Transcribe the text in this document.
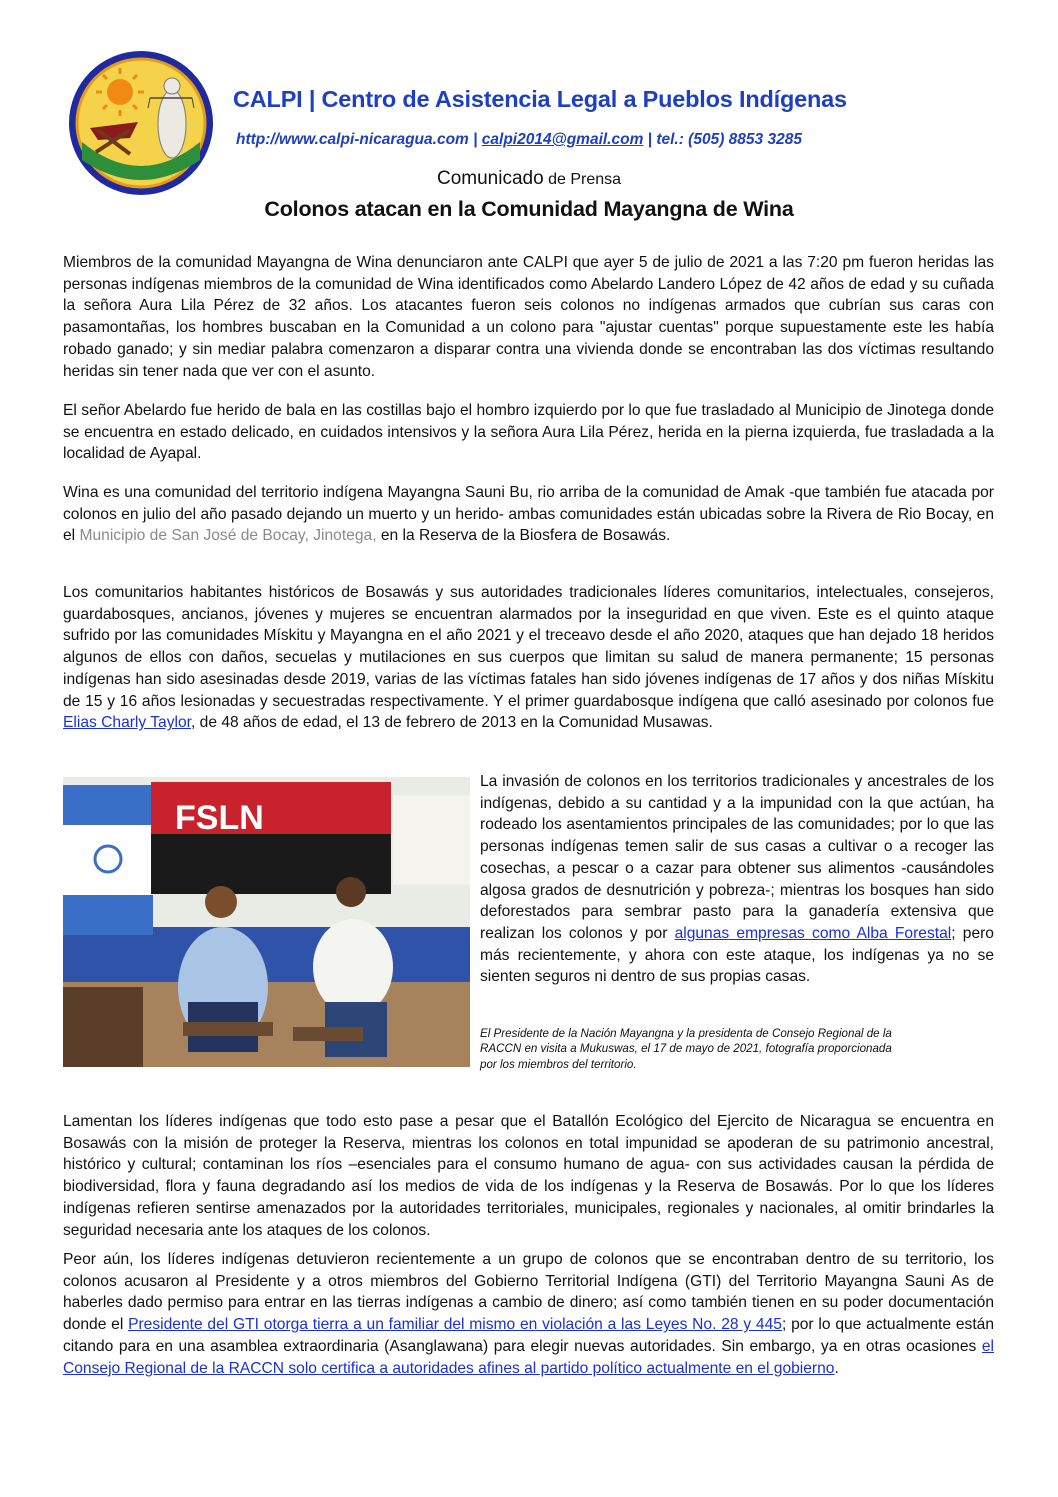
CALPI | Centro de Asistencia Legal a Pueblos Indígenas
http://www.calpi-nicaragua.com | calpi2014@gmail.com | tel.: (505) 8853 3285
Comunicado de Prensa
Colonos atacan en la Comunidad Mayangna de Wina

Miembros de la comunidad Mayangna de Wina denunciaron ante CALPI que ayer 5 de julio de 2021 a las 7:20 pm fueron heridas las personas indígenas miembros de la comunidad de Wina identificados como Abelardo Landero López de 42 años de edad y su cuñada la señora Aura Lila Pérez de 32 años. Los atacantes fueron seis colonos no indígenas armados que cubrían sus caras con pasamontañas, los hombres buscaban en la Comunidad a un colono para "ajustar cuentas" porque supuestamente este les había robado ganado; y sin mediar palabra comenzaron a disparar contra una vivienda donde se encontraban las dos víctimas resultando heridas sin tener nada que ver con el asunto.

El señor Abelardo fue herido de bala en las costillas bajo el hombro izquierdo por lo que fue trasladado al Municipio de Jinotega donde se encuentra en estado delicado, en cuidados intensivos y la señora Aura Lila Pérez, herida en la pierna izquierda, fue trasladada a la localidad de Ayapal.

Wina es una comunidad del territorio indígena Mayangna Sauni Bu, rio arriba de la comunidad de Amak -que también fue atacada por colonos en julio del año pasado dejando un muerto y un herido- ambas comunidades están ubicadas sobre la Rivera de Rio Bocay, en el Municipio de San José de Bocay, Jinotega, en la Reserva de la Biosfera de Bosawás.

Los comunitarios habitantes históricos de Bosawás y sus autoridades tradicionales líderes comunitarios, intelectuales, consejeros, guardabosques, ancianos, jóvenes y mujeres se encuentran alarmados por la inseguridad en que viven. Este es el quinto ataque sufrido por las comunidades Mískitu y Mayangna en el año 2021 y el treceavo desde el año 2020, ataques que han dejado 18 heridos algunos de ellos con daños, secuelas y mutilaciones en sus cuerpos que limitan su salud de manera permanente; 15 personas indígenas han sido asesinadas desde 2019, varias de las víctimas fatales han sido jóvenes indígenas de 17 años y dos niñas Mískitu de 15 y 16 años lesionadas y secuestradas respectivamente. Y el primer guardabosque indígena que calló asesinado por colonos fue Elias Charly Taylor, de 48 años de edad, el 13 de febrero de 2013 en la Comunidad Musawas.

FSLN

La invasión de colonos en los territorios tradicionales y ancestrales de los indígenas, debido a su cantidad y a la impunidad con la que actúan, ha rodeado los asentamientos principales de las comunidades; por lo que las personas indígenas temen salir de sus casas a cultivar o a recoger las cosechas, a pescar o a cazar para obtener sus alimentos -causándoles algosa grados de desnutrición y pobreza-; mientras los bosques han sido deforestados para sembrar pasto para la ganadería extensiva que realizan los colonos y por algunas empresas como Alba Forestal; pero más recientemente, y ahora con este ataque, los indígenas ya no se sienten seguros ni dentro de sus propias casas.

El Presidente de la Nación Mayangna y la presidenta de Consejo Regional de la RACCN en visita a Mukuswas, el 17 de mayo de 2021, fotografía proporcionada por los miembros del territorio.

Lamentan los líderes indígenas que todo esto pase a pesar que el Batallón Ecológico del Ejercito de Nicaragua se encuentra en Bosawás con la misión de proteger la Reserva, mientras los colonos en total impunidad se apoderan de su patrimonio ancestral, histórico y cultural; contaminan los ríos –esenciales para el consumo humano de agua- con sus actividades causan la pérdida de biodiversidad, flora y fauna degradando así los medios de vida de los indígenas y la Reserva de Bosawás. Por lo que los líderes indígenas refieren sentirse amenazados por la autoridades territoriales, municipales, regionales y nacionales, al omitir brindarles la seguridad necesaria ante los ataques de los colonos.

Peor aún, los líderes indígenas detuvieron recientemente a un grupo de colonos que se encontraban dentro de su territorio, los colonos acusaron al Presidente y a otros miembros del Gobierno Territorial Indígena (GTI) del Territorio Mayangna Sauni As de haberles dado permiso para entrar en las tierras indígenas a cambio de dinero; así como también tienen en su poder documentación donde el Presidente del GTI otorga tierra a un familiar del mismo en violación a las Leyes No. 28 y 445; por lo que actualmente están citando para en una asamblea extraordinaria (Asanglawana) para elegir nuevas autoridades. Sin embargo, ya en otras ocasiones el Consejo Regional de la RACCN solo certifica a autoridades afines al partido político actualmente en el gobierno.
